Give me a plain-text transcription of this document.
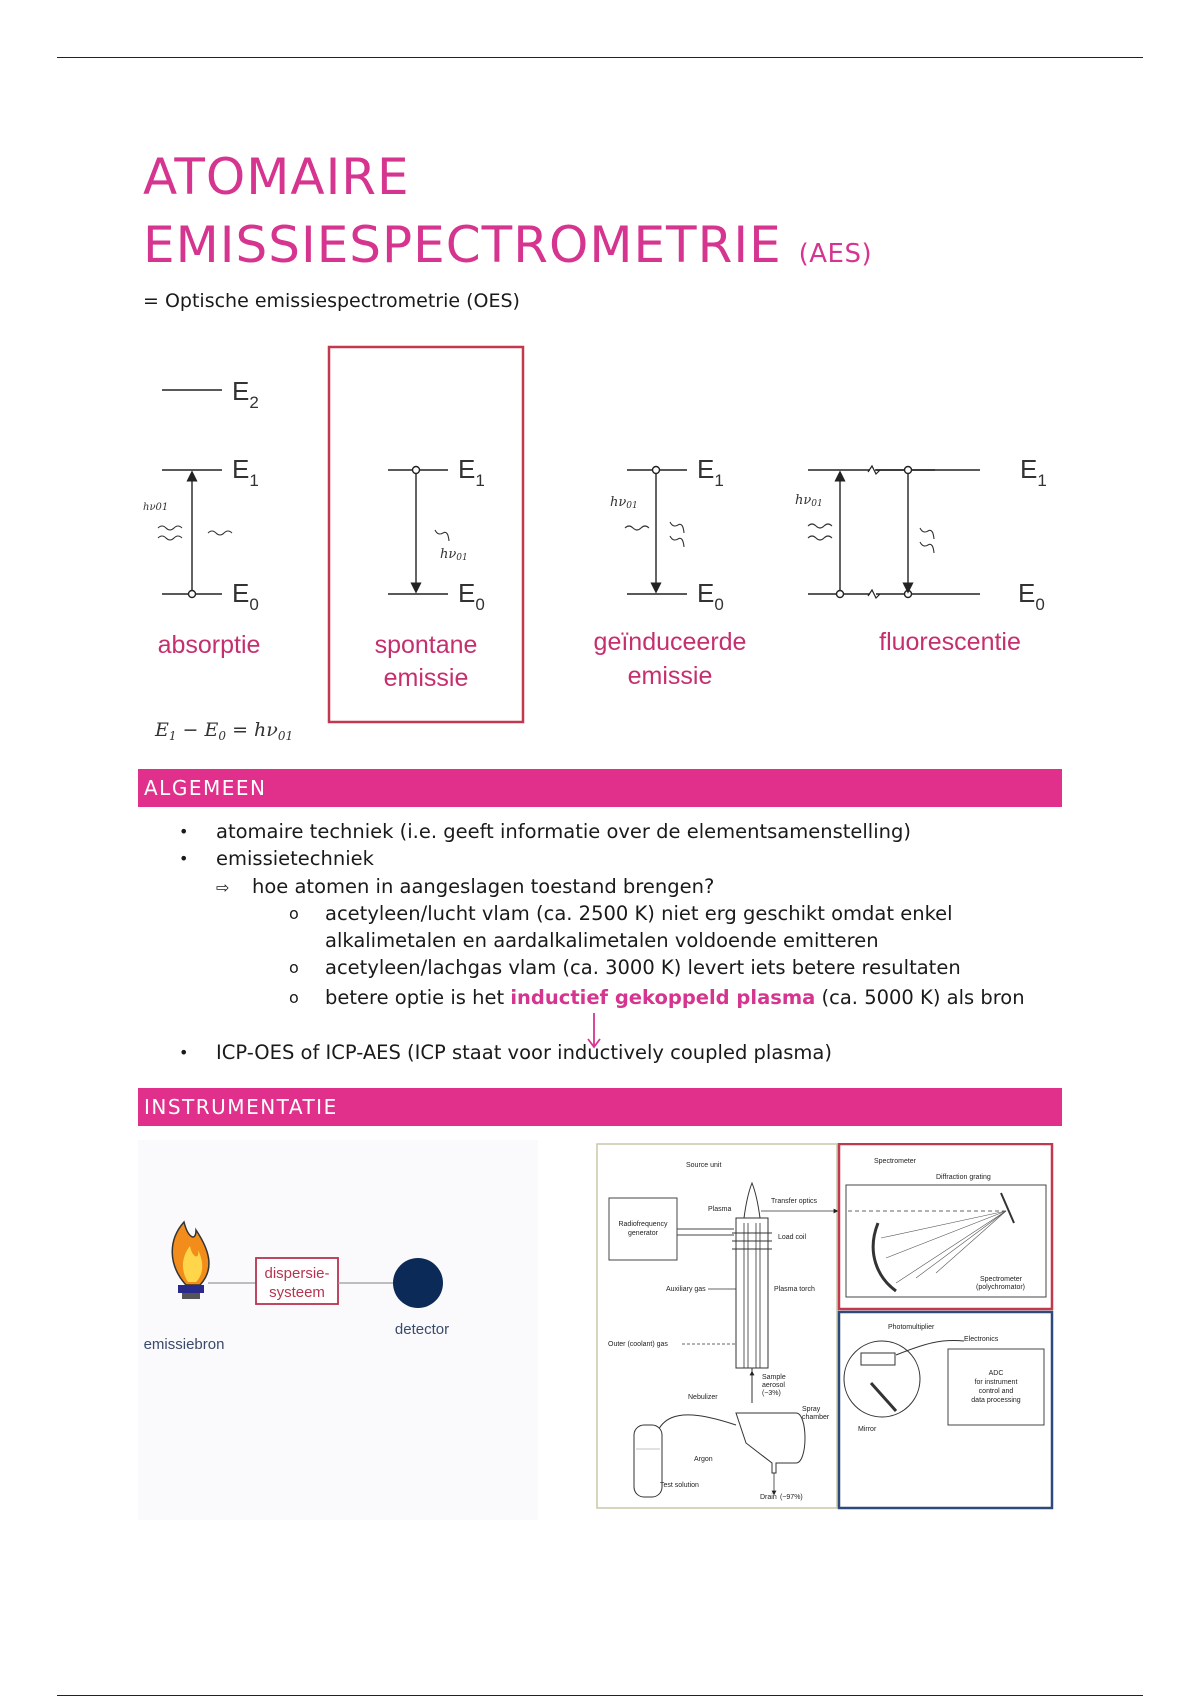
ATOMAIRE
EMISSIESPECTROMETRIE (AES)
= Optische emissiespectrometrie (OES)
$E_2$
$E_1$
$E_0$
hν01
absorptie
$E_1$
$E_0$
hν01
spontane
emissie
$E_1$
$E_0$
hν01
geïnduceerde
emissie
$E_1$
$E_0$
hν01
fluorescentie
$E_1 - E_0 = h\nu_{01}$
ALGEMEEN
• atomaire techniek (i.e. geeft informatie over de elementsamenstelling)
• emissietechniek
⇨ hoe atomen in aangeslagen toestand brengen?
o acetyleen/lucht vlam (ca. 2500 K) niet erg geschikt omdat enkel
alkalimetalen en aardalkalimetalen voldoende emitteren
o acetyleen/lachgas vlam (ca. 3000 K) levert iets betere resultaten
o betere optie is het inductief gekoppeld plasma (ca. 5000 K) als bron
• ICP-OES of ICP-AES (ICP staat voor inductively coupled plasma)
INSTRUMENTATIE
dispersie-
systeem
detector
emissiebron
Source unit
Radiofrequency
generator
Plasma
Transfer optics
Load coil
Auxiliary gas	Plasma torch
Outer (coolant) gas
Sample
aerosol
(~3%)
Nebulizer
Spray
chamber
Argon
Test solution
Drain (~97%)
Spectrometer
Diffraction grating
Spectrometer
(polychromator)
Photomultiplier
Electronics
Mirror
ADC
for instrument
control and
data processing
